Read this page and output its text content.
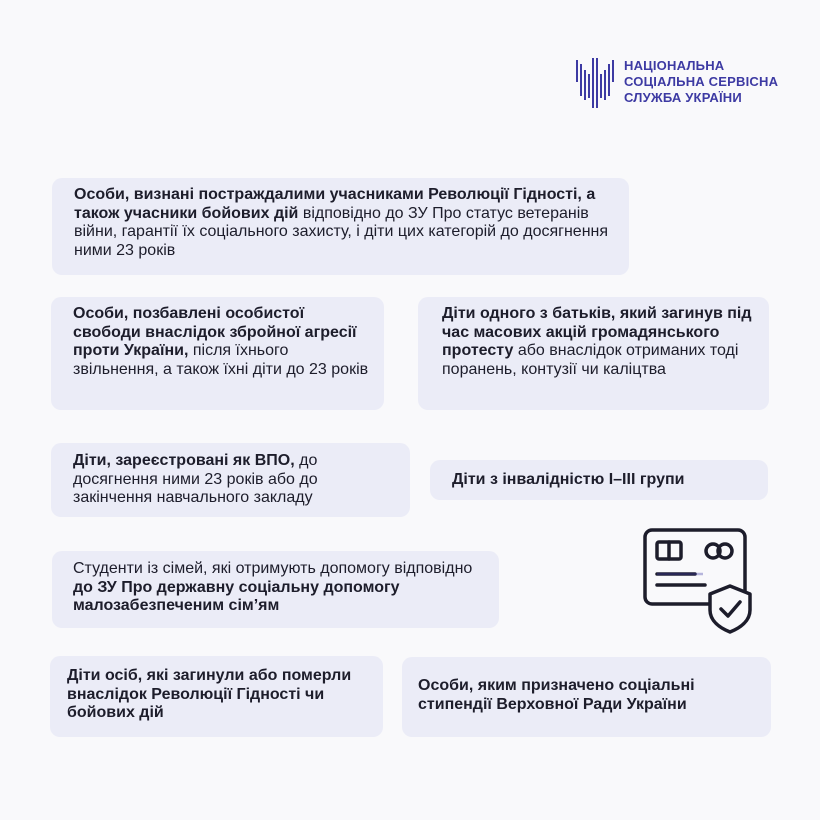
НАЦІОНАЛЬНА
СОЦІАЛЬНА СЕРВІСНА
СЛУЖБА УКРАЇНИ
Особи, визнані постраждалими учасниками Революції Гідності, а також учасники бойових дій відповідно до ЗУ Про статус ветеранів війни, гарантії їх соціального захисту, і діти цих категорій до досягнення ними 23 років
Особи, позбавлені особистої свободи внаслідок збройної агресії проти України, після їхнього звільнення, а також їхні діти до 23 років
Діти одного з батьків, який загинув під час масових акцій громадянського протесту або внаслідок отриманих тоді поранень, контузії чи каліцтва
Діти, зареєстровані як ВПО, до досягнення ними 23 років або до закінчення навчального закладу
Діти з інвалідністю I–III групи
Студенти із сімей, які отримують допомогу відповідно до ЗУ Про державну соціальну допомогу малозабезпеченим сім’ям
Діти осіб, які загинули або померли внаслідок Революції Гідності чи бойових дій
Особи, яким призначено соціальні стипендії Верховної Ради України
